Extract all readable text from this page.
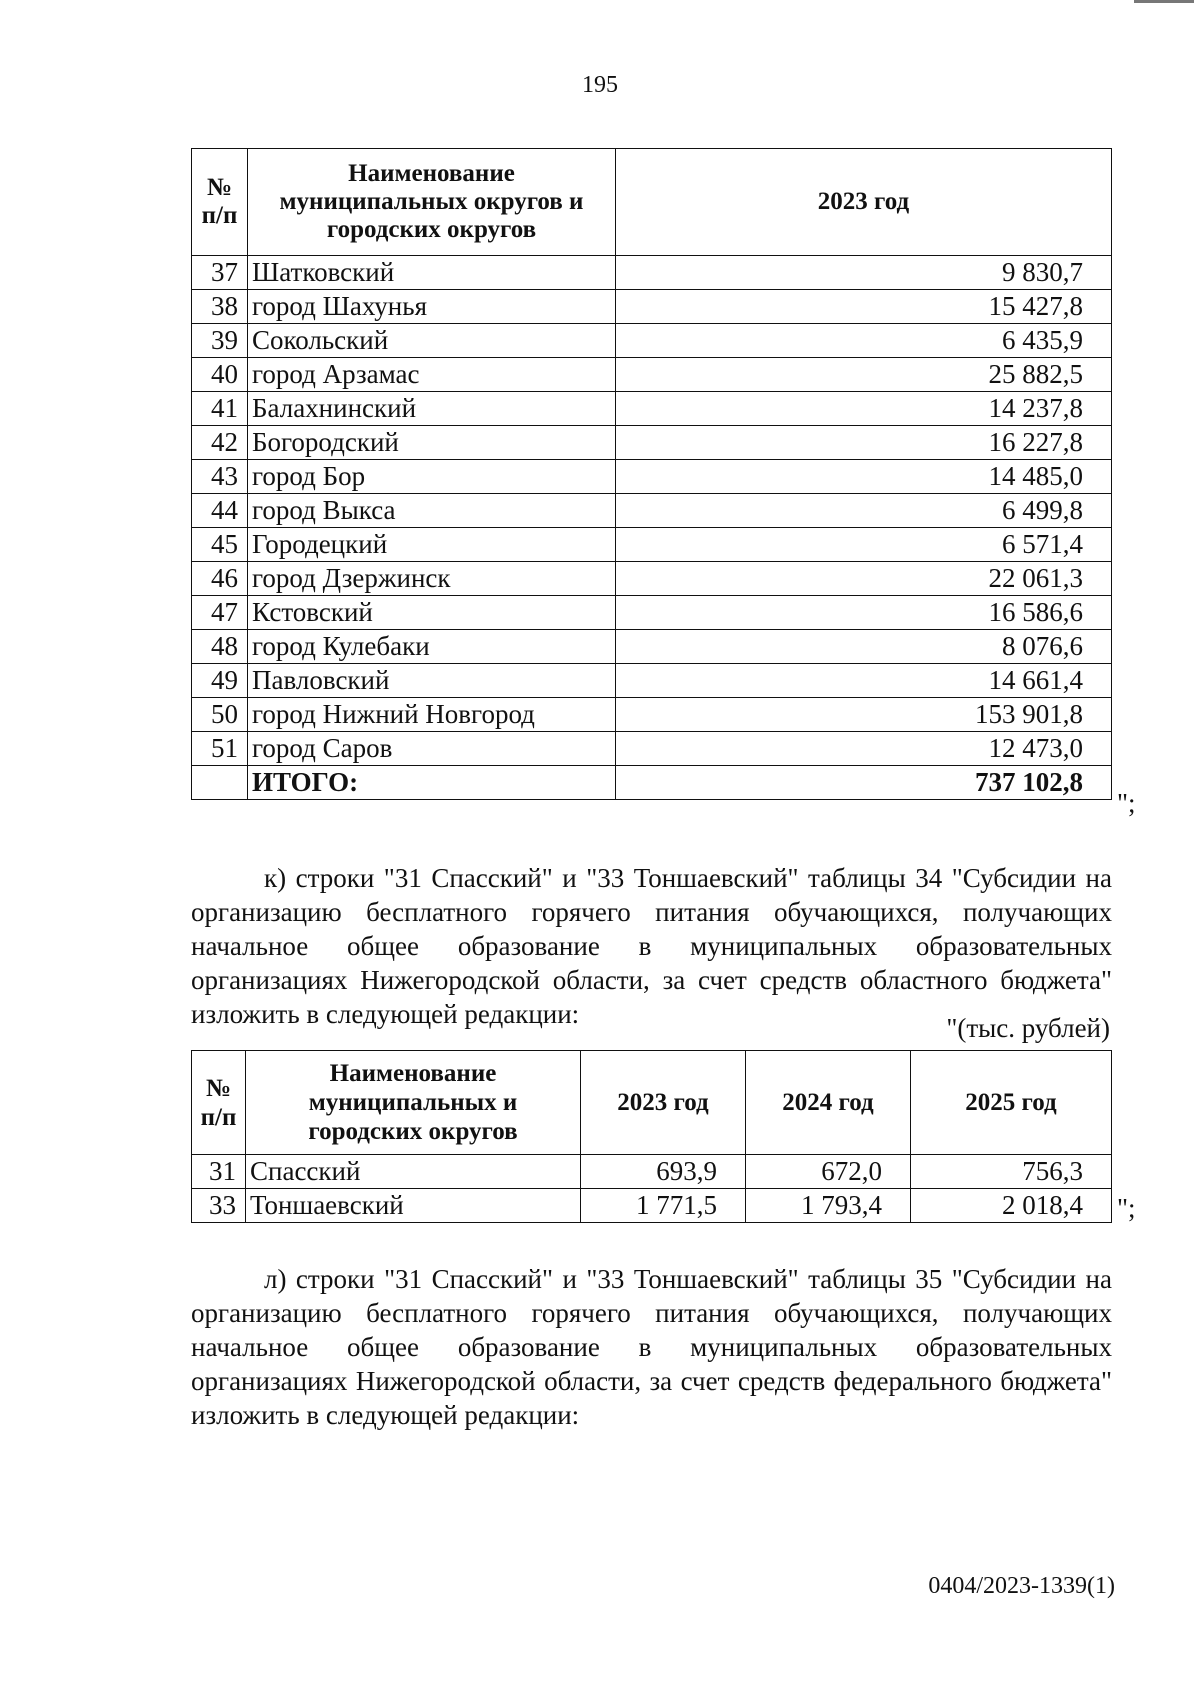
195
№ п/п	Наименование муниципальных округов и городских округов	2023 год
37	Шатковский	9 830,7
38	город Шахунья	15 427,8
39	Сокольский	6 435,9
40	город Арзамас	25 882,5
41	Балахнинский	14 237,8
42	Богородский	16 227,8
43	город Бор	14 485,0
44	город Выкса	6 499,8
45	Городецкий	6 571,4
46	город Дзержинск	22 061,3
47	Кстовский	16 586,6
48	город Кулебаки	8 076,6
49	Павловский	14 661,4
50	город Нижний Новгород	153 901,8
51	город Саров	12 473,0
	ИТОГО:	737 102,8
";
к) строки "31 Спасский" и "33 Тоншаевский" таблицы 34 "Субсидии на организацию бесплатного горячего питания обучающихся, получающих начальное общее образование в муниципальных образовательных организациях Нижегородской области, за счет средств областного бюджета" изложить в следующей редакции:	"(тыс. рублей)
№ п/п	Наименование муниципальных и городских округов	2023 год	2024 год	2025 год
31	Спасский	693,9	672,0	756,3
33	Тоншаевский	1 771,5	1 793,4	2 018,4 ";
л) строки "31 Спасский" и "33 Тоншаевский" таблицы 35 "Субсидии на организацию бесплатного горячего питания обучающихся, получающих начальное общее образование в муниципальных образовательных организациях Нижегородской области, за счет средств федерального бюджета" изложить в следующей редакции:
0404/2023-1339(1)
